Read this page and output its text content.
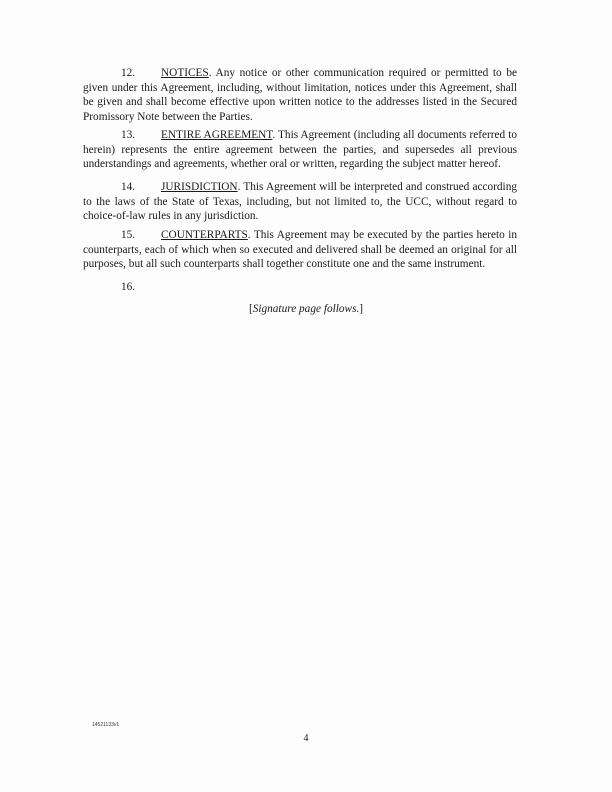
12. NOTICES. Any notice or other communication required or permitted to be given under this Agreement, including, without limitation, notices under this Agreement, shall be given and shall become effective upon written notice to the addresses listed in the Secured Promissory Note between the Parties.

13. ENTIRE AGREEMENT. This Agreement (including all documents referred to herein) represents the entire agreement between the parties, and supersedes all previous understandings and agreements, whether oral or written, regarding the subject matter hereof.

14. JURISDICTION. This Agreement will be interpreted and construed according to the laws of the State of Texas, including, but not limited to, the UCC, without regard to choice-of-law rules in any jurisdiction.

15. COUNTERPARTS. This Agreement may be executed by the parties hereto in counterparts, each of which when so executed and delivered shall be deemed an original for all purposes, but all such counterparts shall together constitute one and the same instrument.

16.

[Signature page follows.]
14521133v1
4
